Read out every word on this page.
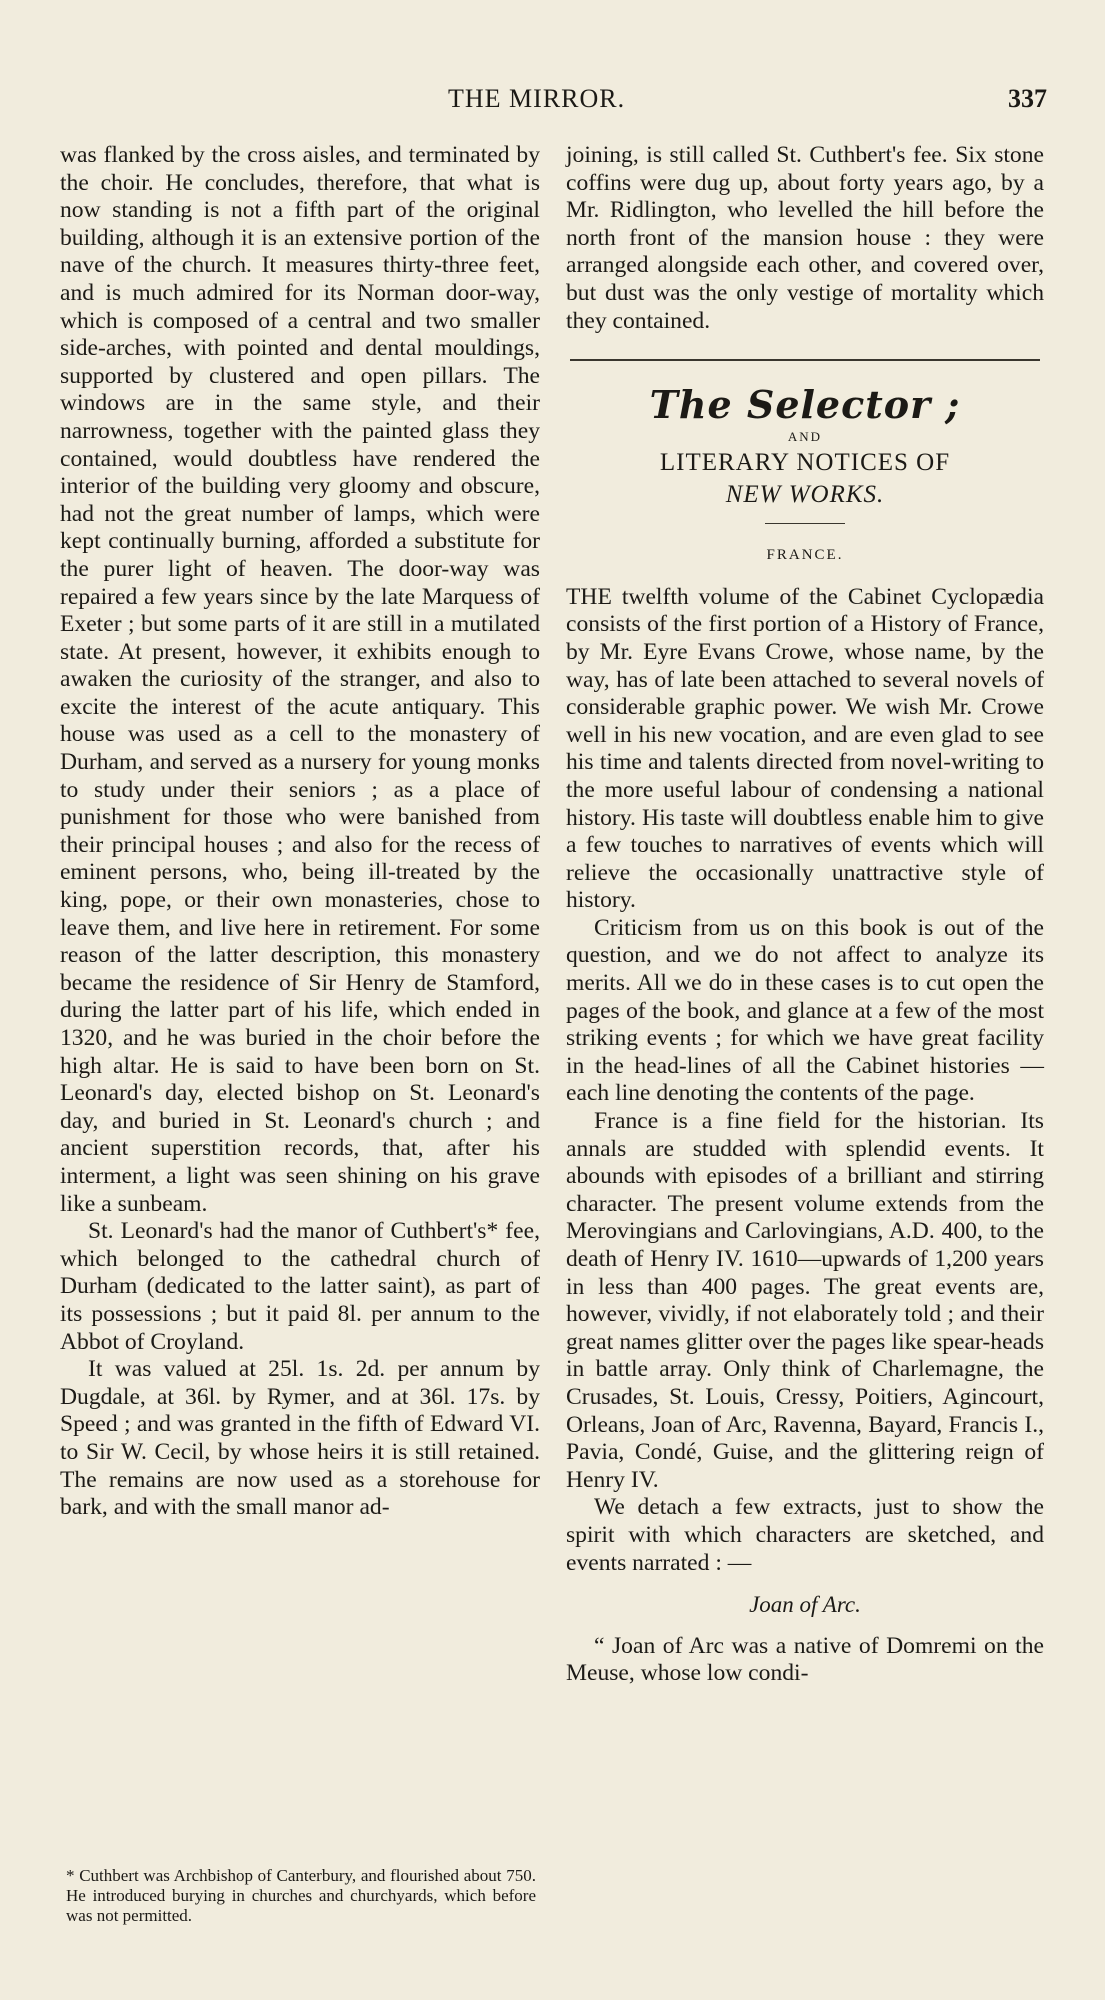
THE MIRROR.	337

was flanked by the cross aisles, and terminated by the choir. He concludes, therefore, that what is now standing is not a fifth part of the original building, although it is an extensive portion of the nave of the church. It measures thirty-three feet, and is much admired for its Norman door-way, which is composed of a central and two smaller side-arches, with pointed and dental mouldings, supported by clustered and open pillars. The windows are in the same style, and their narrowness, together with the painted glass they contained, would doubtless have rendered the interior of the building very gloomy and obscure, had not the great number of lamps, which were kept continually burning, afforded a substitute for the purer light of heaven. The door-way was repaired a few years since by the late Marquess of Exeter ; but some parts of it are still in a mutilated state. At present, however, it exhibits enough to awaken the curiosity of the stranger, and also to excite the interest of the acute antiquary. This house was used as a cell to the monastery of Durham, and served as a nursery for young monks to study under their seniors ; as a place of punishment for those who were banished from their principal houses ; and also for the recess of eminent persons, who, being ill-treated by the king, pope, or their own monasteries, chose to leave them, and live here in retirement. For some reason of the latter description, this monastery became the residence of Sir Henry de Stamford, during the latter part of his life, which ended in 1320, and he was buried in the choir before the high altar. He is said to have been born on St. Leonard's day, elected bishop on St. Leonard's day, and buried in St. Leonard's church ; and ancient superstition records, that, after his interment, a light was seen shining on his grave like a sunbeam.

St. Leonard's had the manor of Cuthbert's* fee, which belonged to the cathedral church of Durham (dedicated to the latter saint), as part of its possessions ; but it paid 8l. per annum to the Abbot of Croyland.

It was valued at 25l. 1s. 2d. per annum by Dugdale, at 36l. by Rymer, and at 36l. 17s. by Speed ; and was granted in the fifth of Edward VI. to Sir W. Cecil, by whose heirs it is still retained. The remains are now used as a storehouse for bark, and with the small manor ad-

* Cuthbert was Archbishop of Canterbury, and flourished about 750. He introduced burying in churches and churchyards, which before was not permitted.

joining, is still called St. Cuthbert's fee. Six stone coffins were dug up, about forty years ago, by a Mr. Ridlington, who levelled the hill before the north front of the mansion house : they were arranged alongside each other, and covered over, but dust was the only vestige of mortality which they contained.

The Selector ;
AND
LITERARY NOTICES OF
NEW WORKS.
FRANCE.

THE twelfth volume of the Cabinet Cyclopædia consists of the first portion of a History of France, by Mr. Eyre Evans Crowe, whose name, by the way, has of late been attached to several novels of considerable graphic power. We wish Mr. Crowe well in his new vocation, and are even glad to see his time and talents directed from novel-writing to the more useful labour of condensing a national history. His taste will doubtless enable him to give a few touches to narratives of events which will relieve the occasionally unattractive style of history.

Criticism from us on this book is out of the question, and we do not affect to analyze its merits. All we do in these cases is to cut open the pages of the book, and glance at a few of the most striking events ; for which we have great facility in the head-lines of all the Cabinet histories — each line denoting the contents of the page.

France is a fine field for the historian. Its annals are studded with splendid events. It abounds with episodes of a brilliant and stirring character. The present volume extends from the Merovingians and Carlovingians, A.D. 400, to the death of Henry IV. 1610—upwards of 1,200 years in less than 400 pages. The great events are, however, vividly, if not elaborately told ; and their great names glitter over the pages like spear-heads in battle array. Only think of Charlemagne, the Crusades, St. Louis, Cressy, Poitiers, Agincourt, Orleans, Joan of Arc, Ravenna, Bayard, Francis I., Pavia, Condé, Guise, and the glittering reign of Henry IV.

We detach a few extracts, just to show the spirit with which characters are sketched, and events narrated : —

Joan of Arc.

“ Joan of Arc was a native of Domremi on the Meuse, whose low condi-
